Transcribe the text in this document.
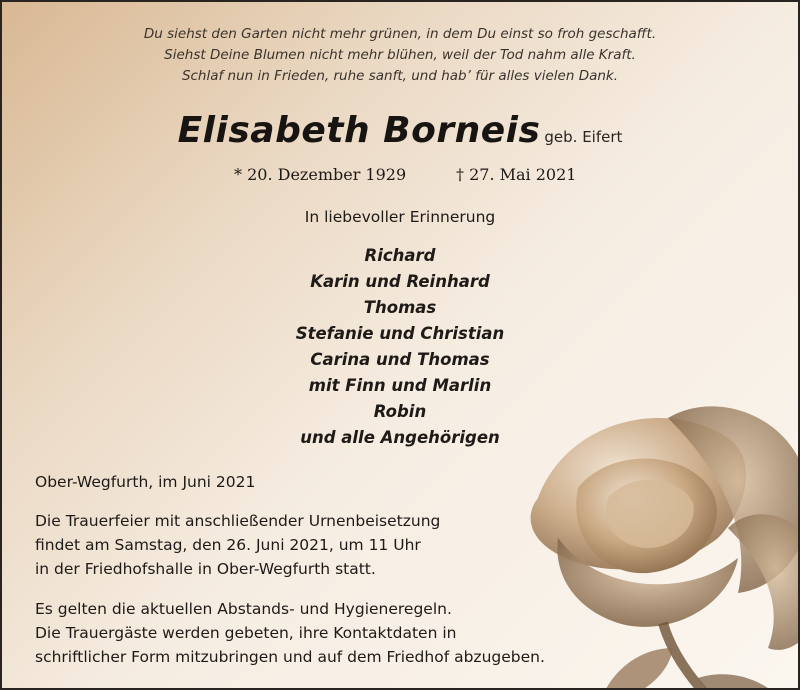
Du siehst den Garten nicht mehr grünen, in dem Du einst so froh geschafft.
Siehst Deine Blumen nicht mehr blühen, weil der Tod nahm alle Kraft.
Schlaf nun in Frieden, ruhe sanft, und hab’ für alles vielen Dank.
Elisabeth Borneis geb. Eifert
* 20. Dezember 1929	† 27. Mai 2021
In liebevoller Erinnerung
Richard
Karin und Reinhard
Thomas
Stefanie und Christian
Carina und Thomas
mit Finn und Marlin
Robin
und alle Angehörigen
Ober-Wegfurth, im Juni 2021
Die Trauerfeier mit anschließender Urnenbeisetzung
findet am Samstag, den 26. Juni 2021, um 11 Uhr
in der Friedhofshalle in Ober-Wegfurth statt.
Es gelten die aktuellen Abstands- und Hygieneregeln.
Die Trauergäste werden gebeten, ihre Kontaktdaten in
schriftlicher Form mitzubringen und auf dem Friedhof abzugeben.
